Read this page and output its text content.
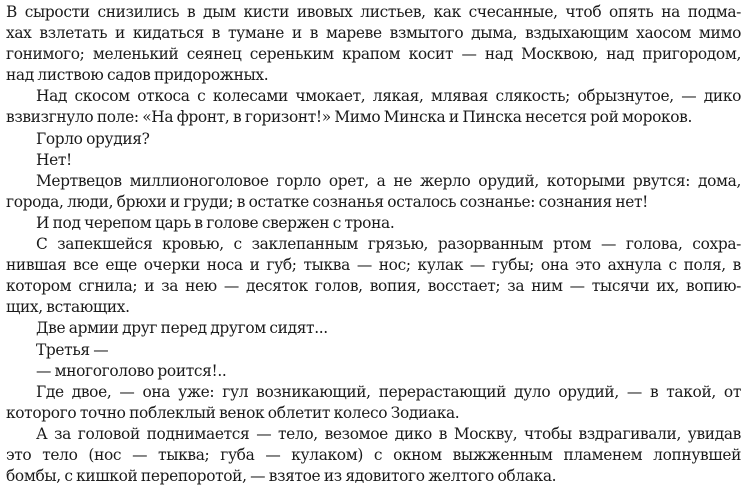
В сырости снизились в дым кисти ивовых листьев, как счесанные, чтоб опять на подма-
хах взлетать и кидаться в тумане и в мареве взмытого дыма, вздыхающим хаосом мимо
гонимого; меленький сеянец сереньким крапом косит — над Москвою, над пригородом,
над листвою садов придорожных.
Над скосом откоса с колесами чмокает, лякая, млявая слякость; обрызнутое, — дико
взвизгнуло поле: «На фронт, в горизонт!» Мимо Минска и Пинска несется рой мороков.
Горло орудия?
Нет!
Мертвецов миллионоголовое горло орет, а не жерло орудий, которыми рвутся: дома,
города, люди, брюхи и груди; в остатке сознанья осталось сознанье: сознания нет!
И под черепом царь в голове свержен с трона.
С запекшейся кровью, с заклепанным грязью, разорванным ртом — голова, сохра-
нившая все еще очерки носа и губ; тыква — нос; кулак — губы; она это ахнула с поля, в
котором сгнила; и за нею — десяток голов, вопия, восстает; за ним — тысячи их, вопию-
щих, встающих.
Две армии друг перед другом сидят...
Третья —
— многоголово роится!..
Где двое, — она уже: гул возникающий, перерастающий дуло орудий, — в такой, от
которого точно поблеклый венок облетит колесо Зодиака.
А за головой поднимается — тело, везомое дико в Москву, чтобы вздрагивали, увидав
это тело (нос — тыква; губа — кулаком) с окном выжженным пламенем лопнувшей
бомбы, с кишкой перепоротой, — взятое из ядовитого желтого облака.
